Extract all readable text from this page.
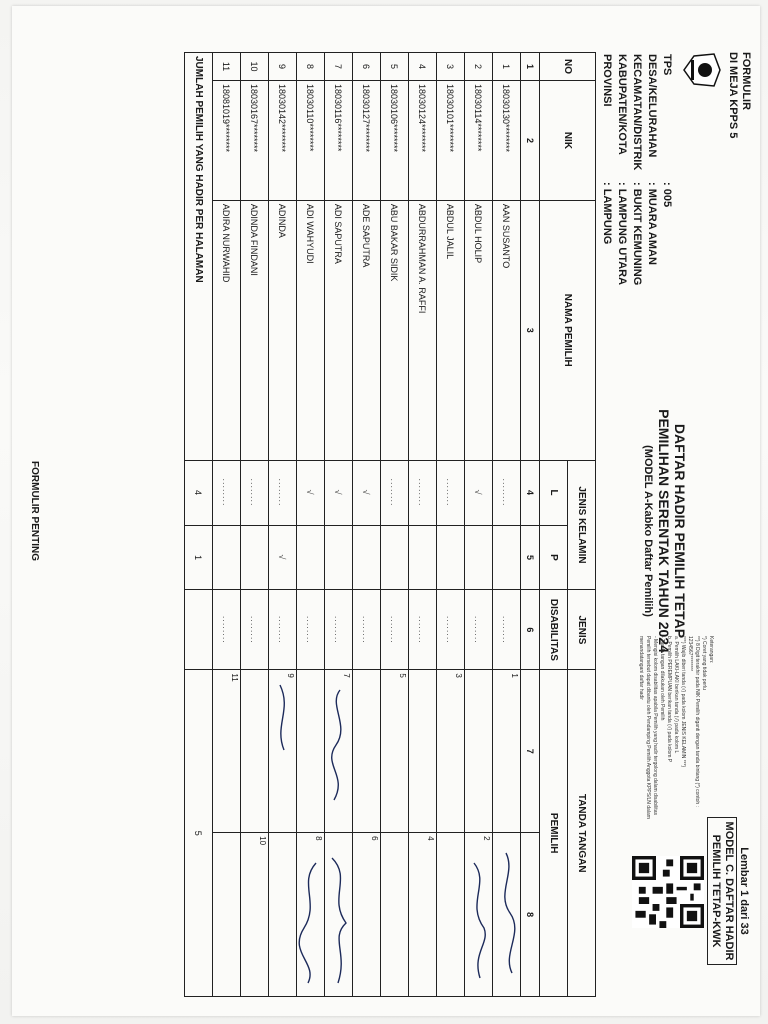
FORMULIR
DI MEJA KPPS 5
TPS
: 005
DESA/KELURAHAN
: MUARA AMAN
KECAMATAN/DISTRIK
: BUKIT KEMUNING
KABUPATEN/KOTA
: LAMPUNG UTARA
PROVINSI
: LAMPUNG
DAFTAR HADIR PEMILIH TETAP
PEMILIHAN SERENTAK TAHUN 2024
(MODEL A-Kabko Daftar Pemilih)
Keterangan:
*) Coret yang tidak perlu
**) 8 Digit terakhir pada NIK Pemilih diganti dengan tanda bintang (*) contoh :
1234567********
***) Wajib diberi tanda (√) pada kolom JENIS KELAMIN ***)
a. Pemilih LAKI-LAKI berikan tanda (√) pada kolom L
b. Pemilih PEREMPUAN berikan tanda (√) pada kolom P
- Tanda tangan dilakukan oleh Pemilih
- Mengisi kolom disabilitas apabila Pemilih yang hadir tergolong dalam disabilitas
Pemilih tersebut dapat dibantu oleh Pendamping Pemilih Anggota KPPS/LN dalam
menandatangani daftar hadir
Lembar 1 dari 33
MODEL C. DAFTAR HADIR
PEMILIH TETAP-KWK
NO	NIK	NAMA PEMILIH	JENIS KELAMIN		JENIS	TANDA TANGAN	
			L	P	DISABILITAS	PEMILIH	
1	2	3	4	5	6	7	8
1	18030130********	AAN SUSANTO	........		........	1

2	18030114********	ABDUL HOLIP	√		........		2

3	18030101********	ABDUL JALIL	........		........	3	

4	18030124********	ABDURRAHMAN A. RAFFI	........		........		4

5	18030106********	ABU BAKAR SIDIK	........		........	5	

6	18030127********	ADE SAPUTRA	√		........		6

7	18030116********	ADI SAPUTRA	√		........	7

8	18030110********	ADI WAHYUDI	√		........		8

9	18030142********	ADINDA	........	√	........	9	

10	18030167********	ADINDA FINDANI	........		........		10

11	18081019********	ADIRA NURWAHID	........		........	11	

JUMLAH PEMILIH YANG HADIR PER HALAMAN			4	1		5	
FORMULIR PENTING
